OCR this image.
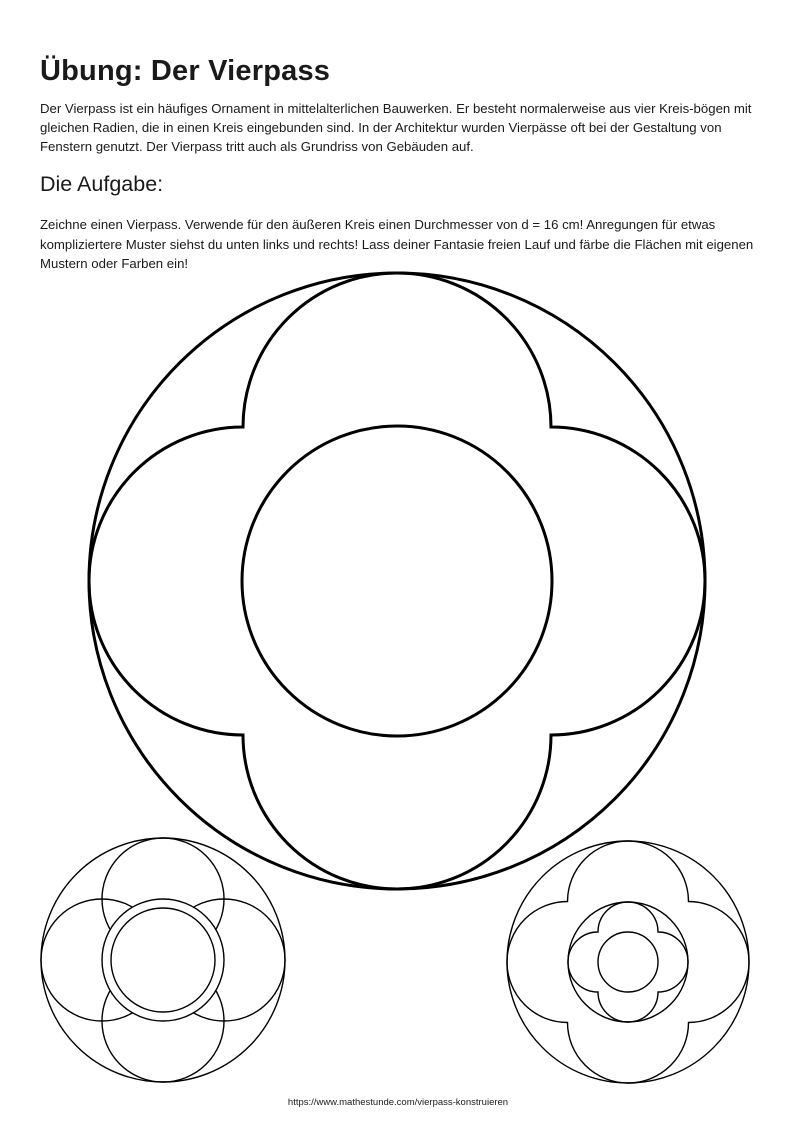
Übung: Der Vierpass

Der Vierpass ist ein häufiges Ornament in mittelalterlichen Bauwerken. Er besteht normalerweise aus vier Kreis-bögen mit gleichen Radien, die in einen Kreis eingebunden sind. In der Architektur wurden Vierpässe oft bei der Gestaltung von Fenstern genutzt. Der Vierpass tritt auch als Grundriss von Gebäuden auf.

Die Aufgabe:

Zeichne einen Vierpass. Verwende für den äußeren Kreis einen Durchmesser von d = 16 cm! Anregungen für etwas kompliziertere Muster siehst du unten links und rechts! Lass deiner Fantasie freien Lauf und färbe die Flächen mit eigenen Mustern oder Farben ein!

https://www.mathestunde.com/vierpass-konstruieren
